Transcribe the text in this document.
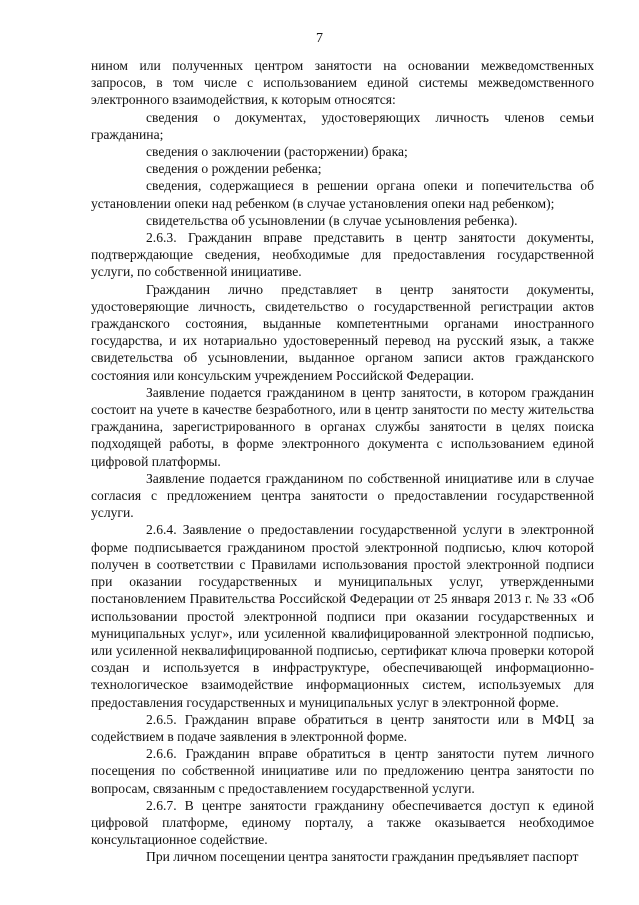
7

нином или полученных центром занятости на основании межведомственных запросов, в том числе с использованием единой системы межведомственного электронного взаимодействия, к которым относятся:

сведения о документах, удостоверяющих личность членов семьи гражданина;

сведения о заключении (расторжении) брака;

сведения о рождении ребенка;

сведения, содержащиеся в решении органа опеки и попечительства об установлении опеки над ребенком (в случае установления опеки над ребенком);

свидетельства об усыновлении (в случае усыновления ребенка).

2.6.3. Гражданин вправе представить в центр занятости документы, подтверждающие сведения, необходимые для предоставления государственной услуги, по собственной инициативе.

Гражданин лично представляет в центр занятости документы, удостоверяющие личность, свидетельство о государственной регистрации актов гражданского состояния, выданные компетентными органами иностранного государства, и их нотариально удостоверенный перевод на русский язык, а также свидетельства об усыновлении, выданное органом записи актов гражданского состояния или консульским учреждением Российской Федерации.

Заявление подается гражданином в центр занятости, в котором гражданин состоит на учете в качестве безработного, или в центр занятости по месту жительства гражданина, зарегистрированного в органах службы занятости в целях поиска подходящей работы, в форме электронного документа с использованием единой цифровой платформы.

Заявление подается гражданином по собственной инициативе или в случае согласия с предложением центра занятости о предоставлении государственной услуги.

2.6.4. Заявление о предоставлении государственной услуги в электронной форме подписывается гражданином простой электронной подписью, ключ которой получен в соответствии с Правилами использования простой электронной подписи при оказании государственных и муниципальных услуг, утвержденными постановлением Правительства Российской Федерации от 25 января 2013 г. № 33 «Об использовании простой электронной подписи при оказании государственных и муниципальных услуг», или усиленной квалифицированной электронной подписью, или усиленной неквалифицированной подписью, сертификат ключа проверки которой создан и используется в инфраструктуре, обеспечивающей информационно-технологическое взаимодействие информационных систем, используемых для предоставления государственных и муниципальных услуг в электронной форме.

2.6.5. Гражданин вправе обратиться в центр занятости или в МФЦ за содействием в подаче заявления в электронной форме.

2.6.6. Гражданин вправе обратиться в центр занятости путем личного посещения по собственной инициативе или по предложению центра занятости по вопросам, связанным с предоставлением государственной услуги.

2.6.7. В центре занятости гражданину обеспечивается доступ к единой цифровой платформе, единому порталу, а также оказывается необходимое консультационное содействие.

При личном посещении центра занятости гражданин предъявляет паспорт
